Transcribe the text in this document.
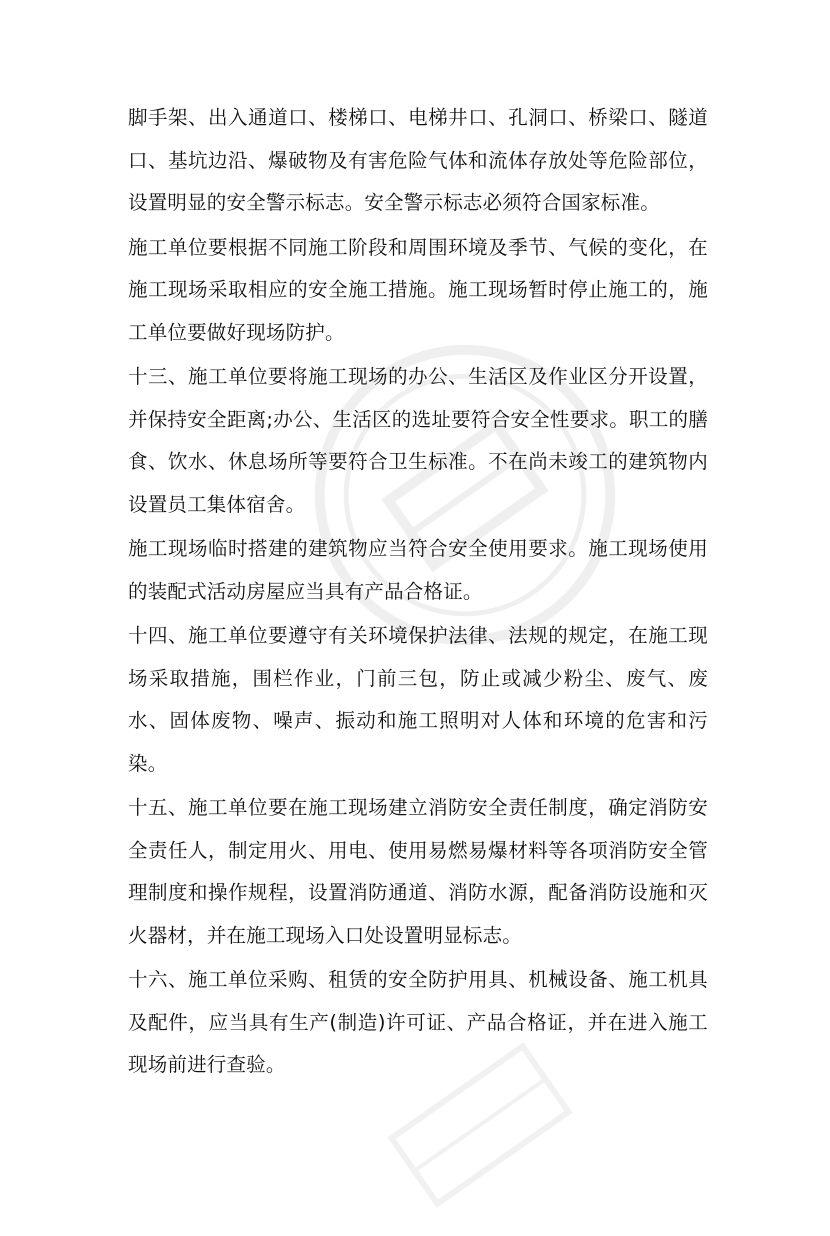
脚手架、出入通道口、楼梯口、电梯井口、孔洞口、桥梁口、隧道口、基坑边沿、爆破物及有害危险气体和流体存放处等危险部位，设置明显的安全警示标志。安全警示标志必须符合国家标准。

施工单位要根据不同施工阶段和周围环境及季节、气候的变化，在施工现场采取相应的安全施工措施。施工现场暂时停止施工的，施工单位要做好现场防护。

十三、施工单位要将施工现场的办公、生活区及作业区分开设置，并保持安全距离;办公、生活区的选址要符合安全性要求。职工的膳食、饮水、休息场所等要符合卫生标准。不在尚未竣工的建筑物内设置员工集体宿舍。

施工现场临时搭建的建筑物应当符合安全使用要求。施工现场使用的装配式活动房屋应当具有产品合格证。

十四、施工单位要遵守有关环境保护法律、法规的规定，在施工现场采取措施，围栏作业，门前三包，防止或减少粉尘、废气、废水、固体废物、噪声、振动和施工照明对人体和环境的危害和污染。

十五、施工单位要在施工现场建立消防安全责任制度，确定消防安全责任人，制定用火、用电、使用易燃易爆材料等各项消防安全管理制度和操作规程，设置消防通道、消防水源，配备消防设施和灭火器材，并在施工现场入口处设置明显标志。

十六、施工单位采购、租赁的安全防护用具、机械设备、施工机具及配件，应当具有生产(制造)许可证、产品合格证，并在进入施工现场前进行查验。
